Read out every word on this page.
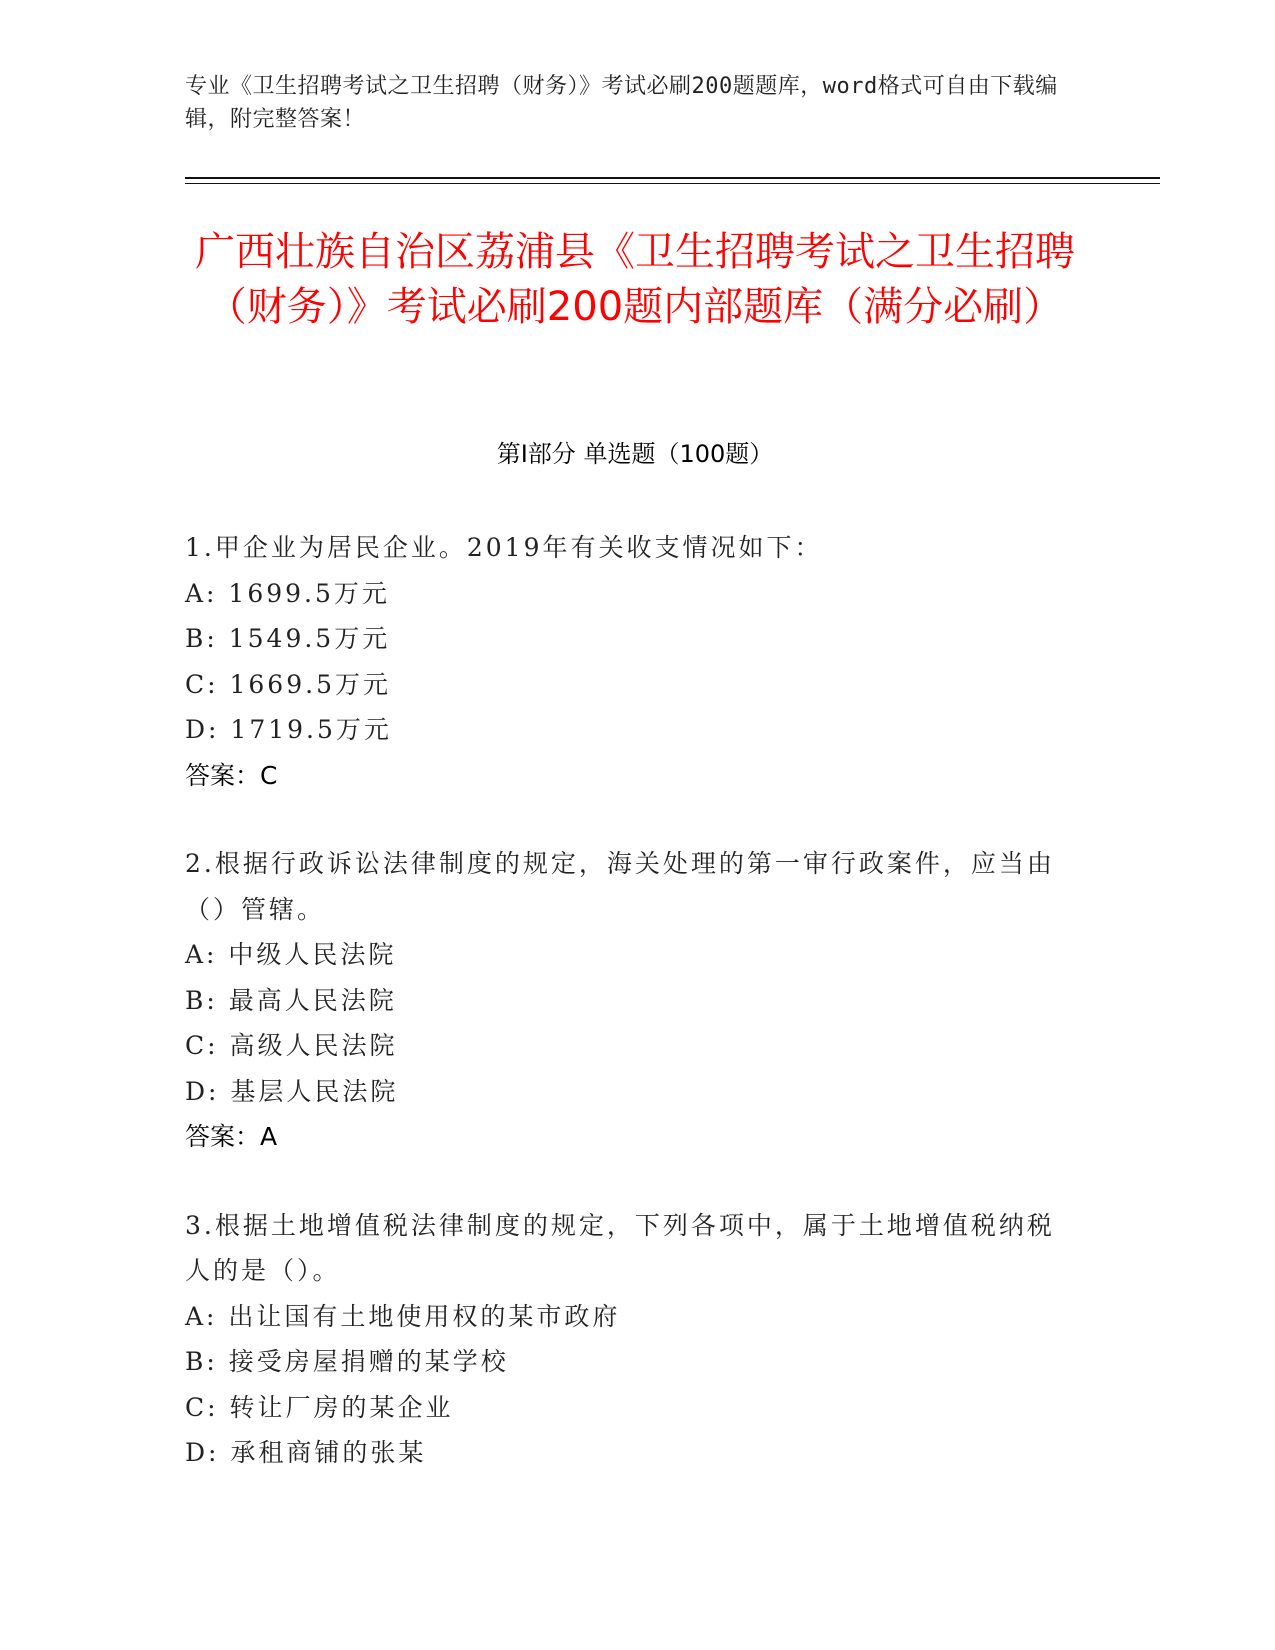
专业《卫生招聘考试之卫生招聘（财务）》考试必刷200题题库，word格式可自由下载编辑，附完整答案！
广西壮族自治区荔浦县《卫生招聘考试之卫生招聘（财务）》考试必刷200题内部题库（满分必刷）
第Ⅰ部分 单选题（100题）
1.甲企业为居民企业。2019年有关收支情况如下：
A: 1699.5万元
B: 1549.5万元
C: 1669.5万元
D: 1719.5万元
答案：C
2.根据行政诉讼法律制度的规定，海关处理的第一审行政案件，应当由（）管辖。
A: 中级人民法院
B: 最高人民法院
C: 高级人民法院
D: 基层人民法院
答案：A
3.根据土地增值税法律制度的规定，下列各项中，属于土地增值税纳税人的是（）。
A: 出让国有土地使用权的某市政府
B: 接受房屋捐赠的某学校
C: 转让厂房的某企业
D: 承租商铺的张某
